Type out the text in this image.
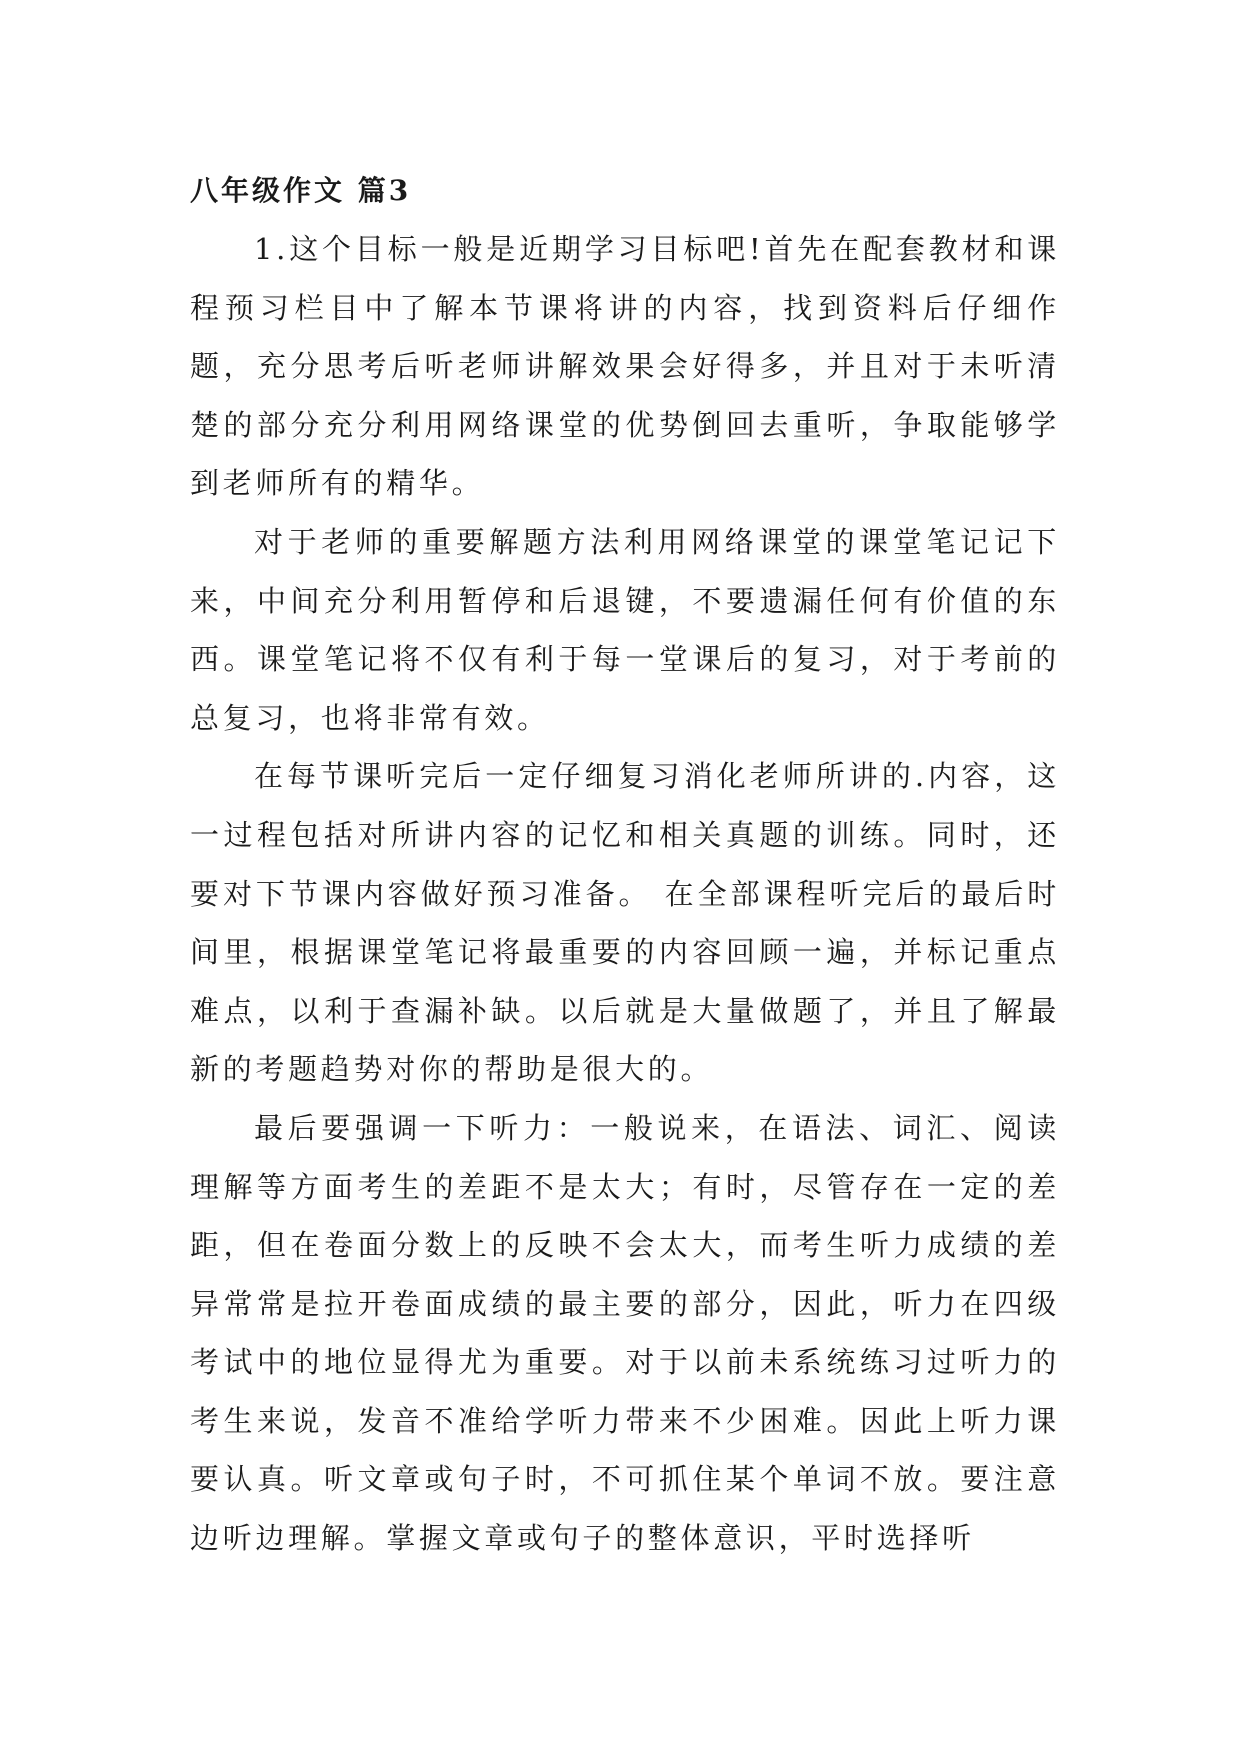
八年级作文 篇3

1.这个目标一般是近期学习目标吧!首先在配套教材和课程预习栏目中了解本节课将讲的内容，找到资料后仔细作题，充分思考后听老师讲解效果会好得多，并且对于未听清楚的部分充分利用网络课堂的优势倒回去重听，争取能够学到老师所有的精华。

对于老师的重要解题方法利用网络课堂的课堂笔记记下来，中间充分利用暂停和后退键，不要遗漏任何有价值的东西。课堂笔记将不仅有利于每一堂课后的复习，对于考前的总复习，也将非常有效。

在每节课听完后一定仔细复习消化老师所讲的.内容，这一过程包括对所讲内容的记忆和相关真题的训练。同时，还要对下节课内容做好预习准备。 在全部课程听完后的最后时间里，根据课堂笔记将最重要的内容回顾一遍，并标记重点难点，以利于查漏补缺。以后就是大量做题了，并且了解最新的考题趋势对你的帮助是很大的。

最后要强调一下听力：一般说来，在语法、词汇、阅读理解等方面考生的差距不是太大；有时，尽管存在一定的差距，但在卷面分数上的反映不会太大，而考生听力成绩的差异常常是拉开卷面成绩的最主要的部分，因此，听力在四级考试中的地位显得尤为重要。对于以前未系统练习过听力的考生来说，发音不准给学听力带来不少困难。因此上听力课要认真。听文章或句子时，不可抓住某个单词不放。要注意边听边理解。掌握文章或句子的整体意识，平时选择听
